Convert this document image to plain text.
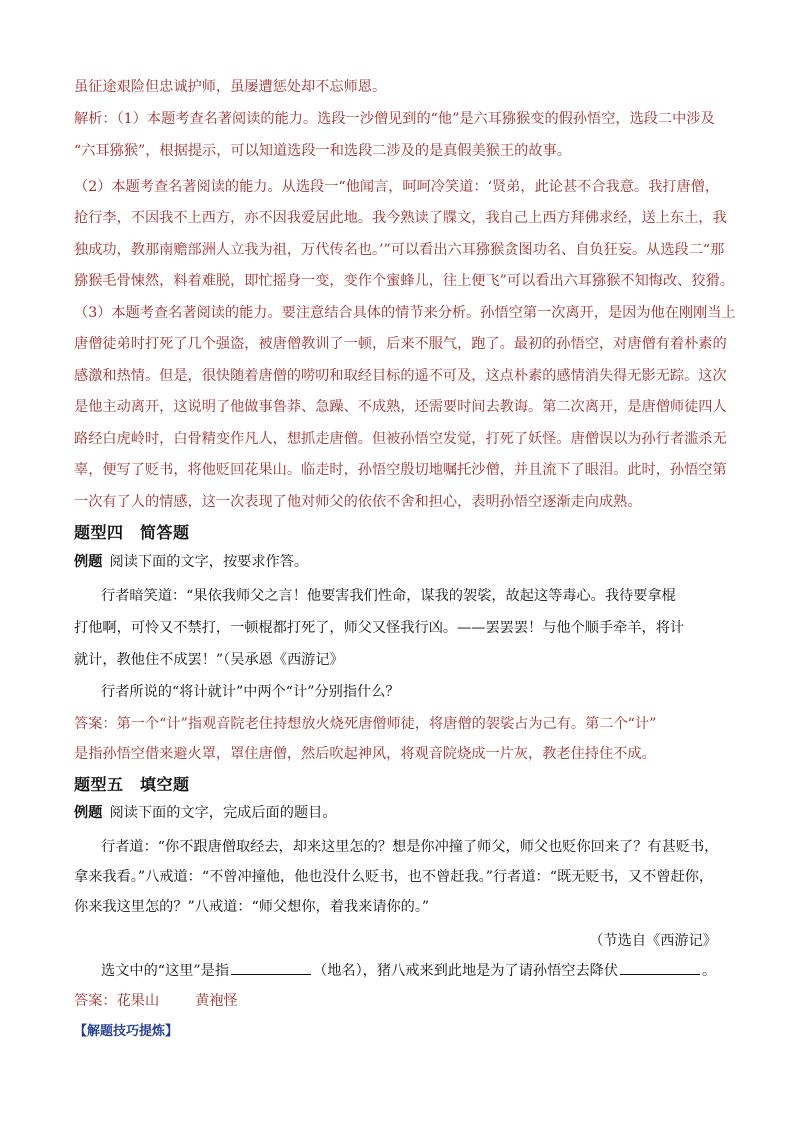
虽征途艰险但忠诚护师，虽屡遭惩处却不忘师恩。
解析：（1）本题考查名著阅读的能力。选段一沙僧见到的“他”是六耳猕猴变的假孙悟空，选段二中涉及
“六耳猕猴”，根据提示，可以知道选段一和选段二涉及的是真假美猴王的故事。
（2）本题考查名著阅读的能力。从选段一“他闻言，呵呵冷笑道：‘贤弟，此论甚不合我意。我打唐僧，
抢行李，不因我不上西方，亦不因我爱居此地。我今熟读了牒文，我自己上西方拜佛求经，送上东土，我
独成功，教那南赡部洲人立我为祖，万代传名也。’”可以看出六耳猕猴贪图功名、自负狂妄。从选段二“那
猕猴毛骨悚然，料着难脱，即忙摇身一变，变作个蜜蜂儿，往上便飞”可以看出六耳猕猴不知悔改、狡猾。
（3）本题考查名著阅读的能力。要注意结合具体的情节来分析。孙悟空第一次离开，是因为他在刚刚当上
唐僧徒弟时打死了几个强盗，被唐僧教训了一顿，后来不服气，跑了。最初的孙悟空，对唐僧有着朴素的
感激和热情。但是，很快随着唐僧的唠叨和取经目标的遥不可及，这点朴素的感情消失得无影无踪。这次
是他主动离开，这说明了他做事鲁莽、急躁、不成熟，还需要时间去教诲。第二次离开，是唐僧师徒四人
路经白虎岭时，白骨精变作凡人，想抓走唐僧。但被孙悟空发觉，打死了妖怪。唐僧误以为孙行者滥杀无
辜，便写了贬书，将他贬回花果山。临走时，孙悟空殷切地嘱托沙僧，并且流下了眼泪。此时，孙悟空第
一次有了人的情感，这一次表现了他对师父的依依不舍和担心，表明孙悟空逐渐走向成熟。
题型四　简答题
例题  阅读下面的文字，按要求作答。
行者暗笑道：“果依我师父之言！他要害我们性命，谋我的袈裟，故起这等毒心。我待要拿棍
打他啊，可怜又不禁打，一顿棍都打死了，师父又怪我行凶。——罢罢罢！与他个顺手牵羊，将计
就计，教他住不成罢！”（吴承恩《西游记》
行者所说的“将计就计”中两个“计”分别指什么？
答案：第一个“计”指观音院老住持想放火烧死唐僧师徒，将唐僧的袈裟占为己有。第二个“计”
是指孙悟空借来避火罩，罩住唐僧，然后吹起神风，将观音院烧成一片灰，教老住持住不成。
题型五　填空题
例题  阅读下面的文字，完成后面的题目。
行者道：“你不跟唐僧取经去，却来这里怎的？想是你冲撞了师父，师父也贬你回来了？有甚贬书，
拿来我看。”八戒道：“不曾冲撞他，他也没什么贬书，也不曾赶我。”行者道：“既无贬书，又不曾赶你，
你来我这里怎的？”八戒道：“师父想你，着我来请你的。”
（节选自《西游记》
选文中的“这里”是指	（地名），猪八戒来到此地是为了请孙悟空去降伏	。
答案：花果山	黄袍怪
【解题技巧提炼】
